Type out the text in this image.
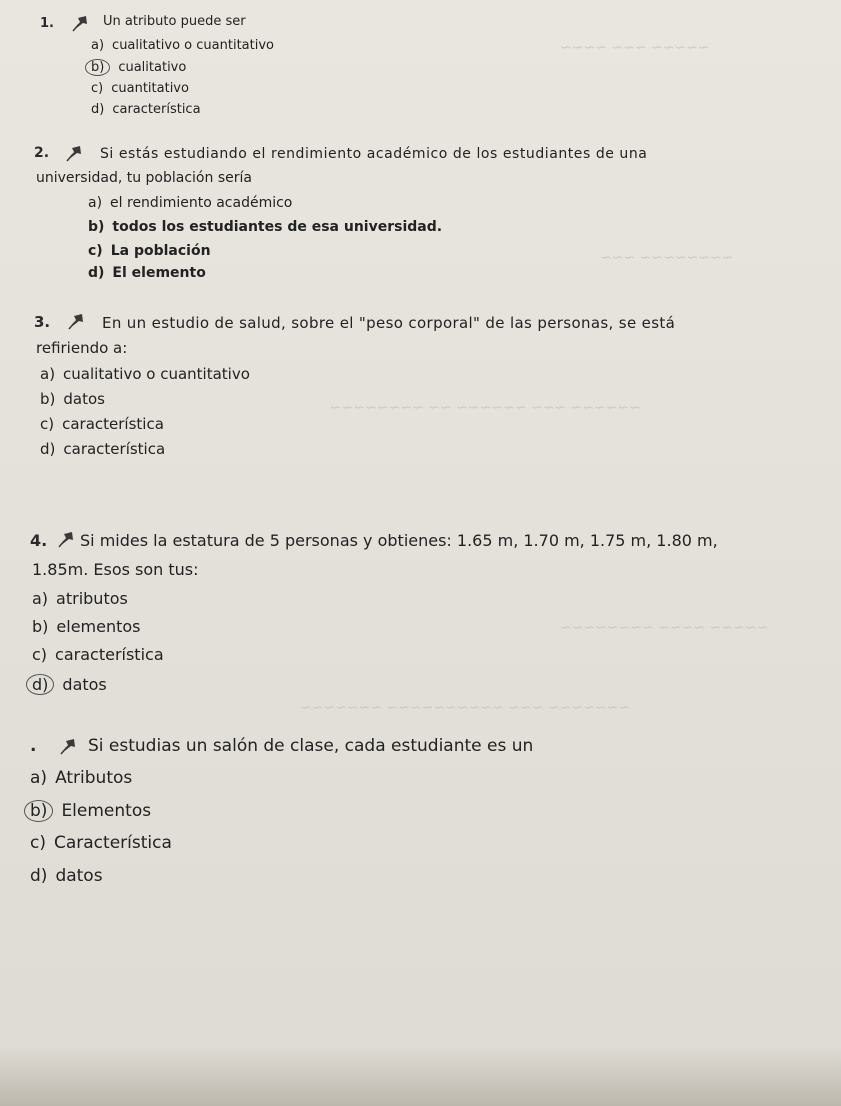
~~~~~ ~~~ ~~~~
~~~~~~~~ ~~~
~~~~~~ ~~~ ~~~~~~ ~~ ~~~~~~~~
~~~~~ ~~~~ ~~~~~~~~
~~~~~~~ ~~~ ~~~~~~~~~~ ~~~~~~~
1.	Un atributo puede ser
a) cualitativo o cuantitativo
b)	cualitativo
c) cuantitativo
d) característica
2.	Si estás estudiando el rendimiento académico de los estudiantes de una
universidad, tu población sería
a) el rendimiento académico
b) todos los estudiantes de esa universidad.
c) La población
d) El elemento
3.	En un estudio de salud, sobre el "peso corporal" de las personas, se está
refiriendo a:
a) cualitativo o cuantitativo
b) datos
c) característica
d) característica
4. Si mides la estatura de 5 personas y obtienes: 1.65 m, 1.70 m, 1.75 m, 1.80 m,
1.85m. Esos son tus:
a) atributos
b) elementos
c) característica
d) datos
.	Si estudias un salón de clase, cada estudiante es un
a) Atributos
b) Elementos
c) Característica
d) datos
